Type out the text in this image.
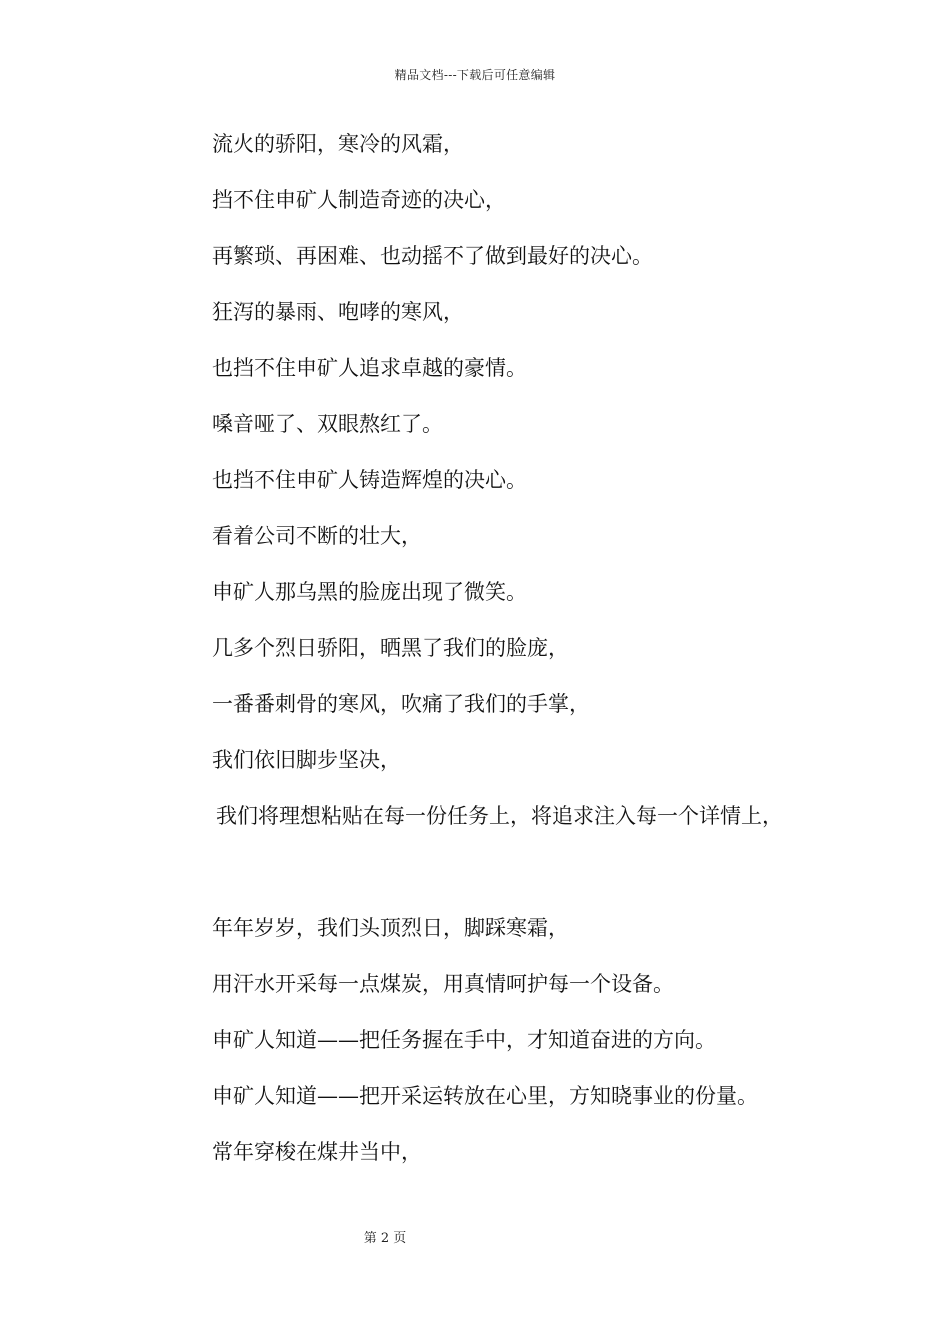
精品文档---下载后可任意编辑
流火的骄阳，寒冷的风霜，
挡不住申矿人制造奇迹的决心，
再繁琐、再困难、也动摇不了做到最好的决心。
狂泻的暴雨、咆哮的寒风，
也挡不住申矿人追求卓越的豪情。
嗓音哑了、双眼熬红了。
也挡不住申矿人铸造辉煌的决心。
看着公司不断的壮大，
申矿人那乌黑的脸庞出现了微笑。
几多个烈日骄阳，晒黑了我们的脸庞，
一番番刺骨的寒风，吹痛了我们的手掌，
我们依旧脚步坚决，
我们将理想粘贴在每一份任务上，将追求注入每一个详情上，
年年岁岁，我们头顶烈日，脚踩寒霜，
用汗水开采每一点煤炭，用真情呵护每一个设备。
申矿人知道——把任务握在手中，才知道奋进的方向。
申矿人知道——把开采运转放在心里，方知晓事业的份量。
常年穿梭在煤井当中，
第 2 页
